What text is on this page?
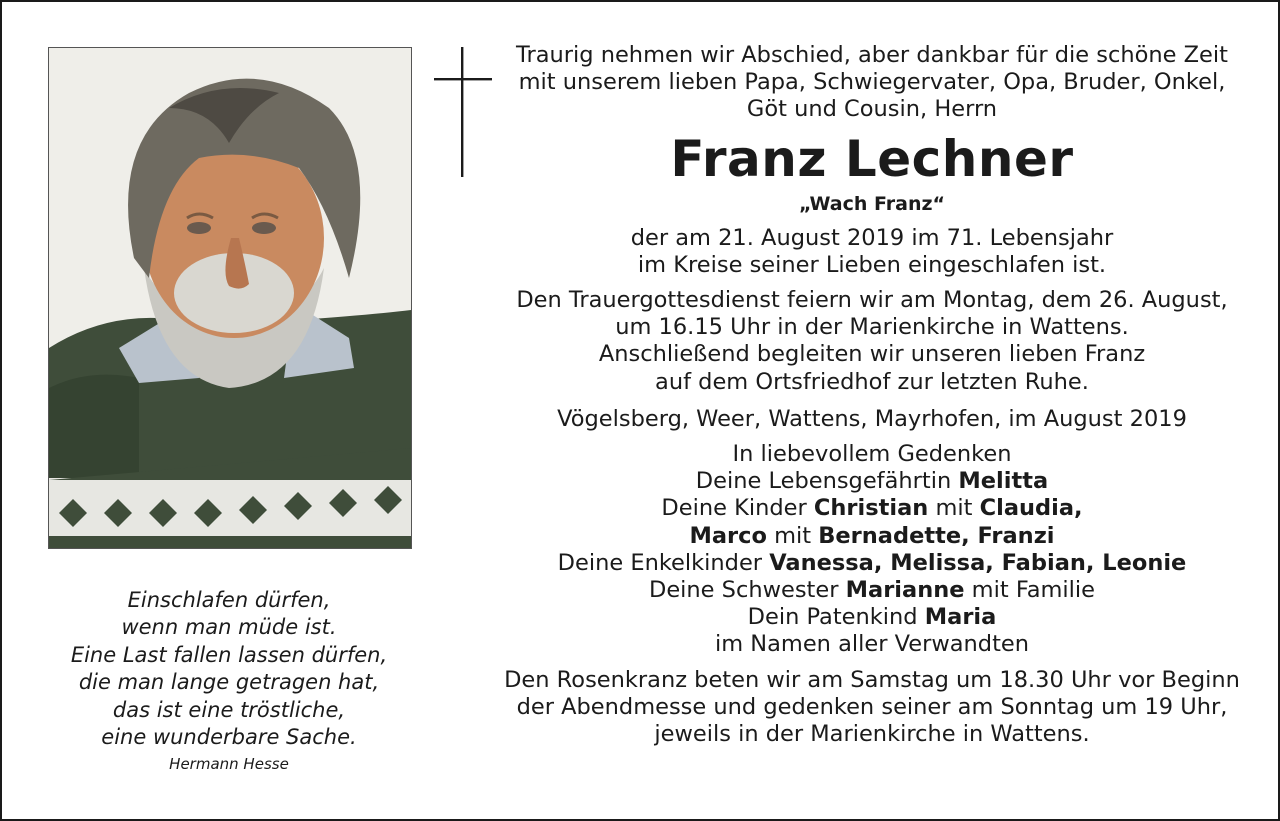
Traurig nehmen wir Abschied, aber dankbar für die schöne Zeit
mit unserem lieben Papa, Schwiegervater, Opa, Bruder, Onkel,
Göt und Cousin, Herrn
Franz Lechner
„Wach Franz“
der am 21. August 2019 im 71. Lebensjahr
im Kreise seiner Lieben eingeschlafen ist.
Den Trauergottesdienst feiern wir am Montag, dem 26. August,
um 16.15 Uhr in der Marienkirche in Wattens.
Anschließend begleiten wir unseren lieben Franz
auf dem Ortsfriedhof zur letzten Ruhe.
Vögelsberg, Weer, Wattens, Mayrhofen, im August 2019
In liebevollem Gedenken
Deine Lebensgefährtin Melitta
Deine Kinder Christian mit Claudia,
Marco mit Bernadette, Franzi
Deine Enkelkinder Vanessa, Melissa, Fabian, Leonie
Deine Schwester Marianne mit Familie
Dein Patenkind Maria
im Namen aller Verwandten
Den Rosenkranz beten wir am Samstag um 18.30 Uhr vor Beginn
der Abendmesse und gedenken seiner am Sonntag um 19 Uhr,
jeweils in der Marienkirche in Wattens.
Einschlafen dürfen,
wenn man müde ist.
Eine Last fallen lassen dürfen,
die man lange getragen hat,
das ist eine tröstliche,
eine wunderbare Sache.
Hermann Hesse
